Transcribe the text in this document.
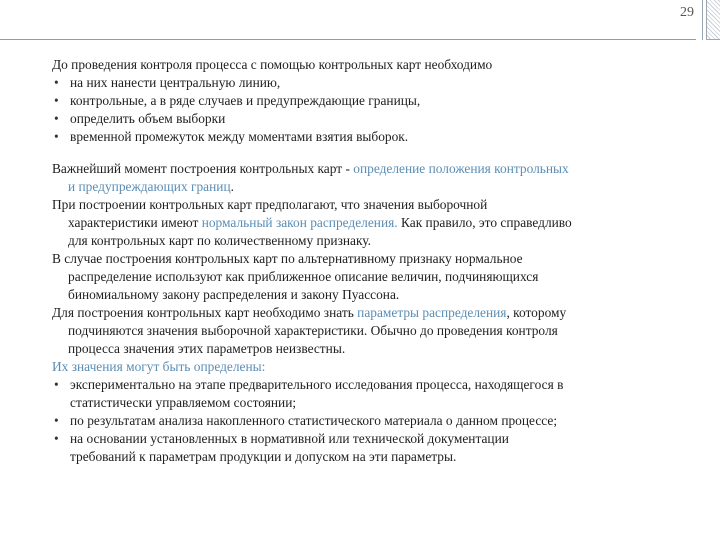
29
До проведения контроля процесса с помощью контрольных карт необходимо
• на них нанести центральную линию,
• контрольные, а в ряде случаев и предупреждающие границы,
• определить объем выборки
• временной промежуток между моментами взятия выборок.
Важнейший момент построения контрольных карт - определение положения контрольных
и предупреждающих границ.
При построении контрольных карт предполагают, что значения выборочной
характеристики имеют нормальный закон распределения. Как правило, это справедливо
для контрольных карт по количественному признаку.
В случае построения контрольных карт по альтернативному признаку нормальное
распределение используют как приближенное описание величин, подчиняющихся
биномиальному закону распределения и закону Пуассона.
Для построения контрольных карт необходимо знать параметры распределения, которому
подчиняются значения выборочной характеристики. Обычно до проведения контроля
процесса значения этих параметров неизвестны.
Их значения могут быть определены:
• экспериментально на этапе предварительного исследования процесса, находящегося в
статистически управляемом состоянии;
• по результатам анализа накопленного статистического материала о данном процессе;
• на основании установленных в нормативной или технической документации
требований к параметрам продукции и допуском на эти параметры.
